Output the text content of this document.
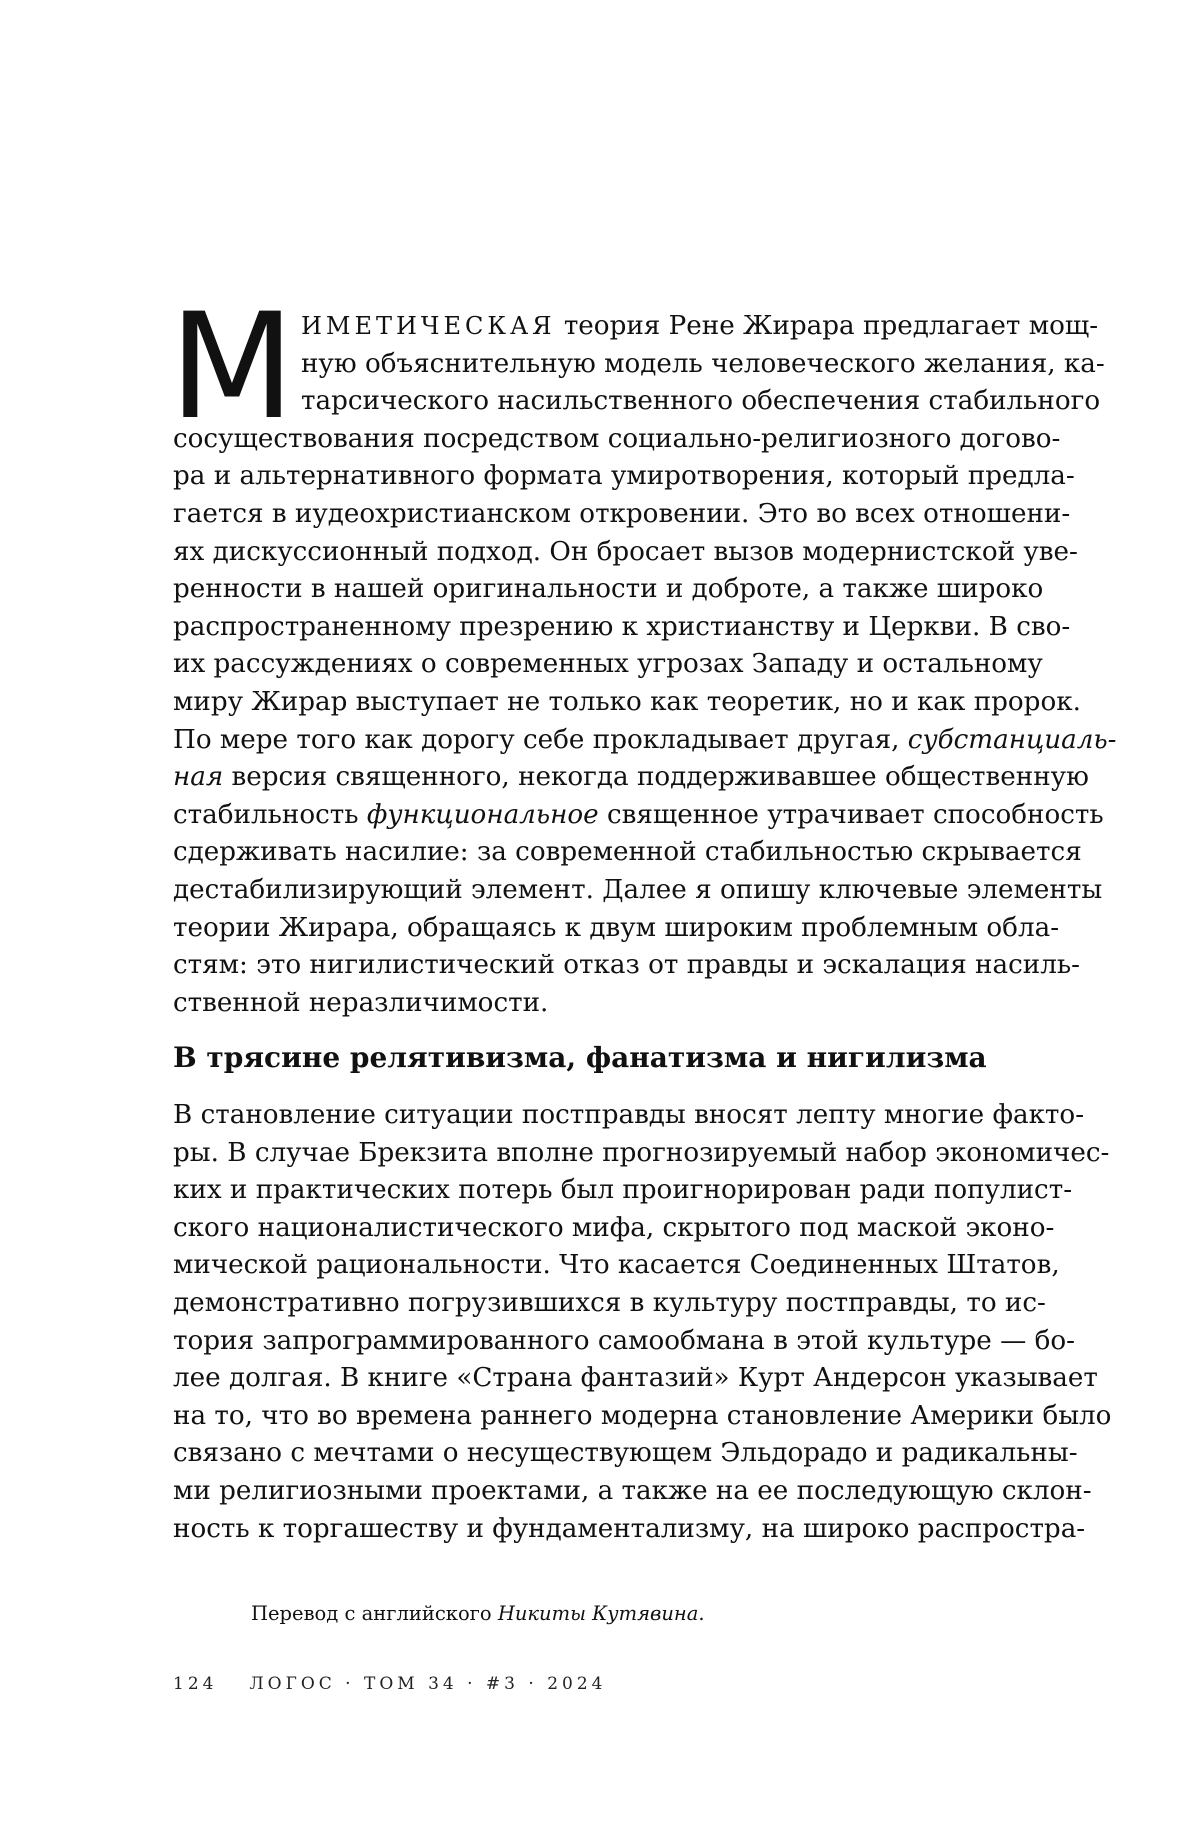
М ИМЕТИЧЕСКАЯ теория Рене Жирара предлагает мощ-
ную объяснительную модель человеческого желания, ка-
тарсического насильственного обеспечения стабильного
сосуществования посредством социально-религиозного догово-
ра и альтернативного формата умиротворения, который предла-
гается в иудеохристианском откровении. Это во всех отношени-
ях дискуссионный подход. Он бросает вызов модернистской уве-
ренности в нашей оригинальности и доброте, а также широко
распространенному презрению к христианству и Церкви. В сво-
их рассуждениях о современных угрозах Западу и остальному
миру Жирар выступает не только как теоретик, но и как пророк.
По мере того как дорогу себе прокладывает другая, субстанциаль-
ная версия священного, некогда поддерживавшее общественную
стабильность функциональное священное утрачивает способность
сдерживать насилие: за современной стабильностью скрывается
дестабилизирующий элемент. Далее я опишу ключевые элементы
теории Жирара, обращаясь к двум широким проблемным обла-
стям: это нигилистический отказ от правды и эскалация насиль-
ственной неразличимости.
В трясине релятивизма, фанатизма и нигилизма
В становление ситуации постправды вносят лепту многие факто-
ры. В случае Брекзита вполне прогнозируемый набор экономичес-
ких и практических потерь был проигнорирован ради популист-
ского националистического мифа, скрытого под маской эконо-
мической рациональности. Что касается Соединенных Штатов,
демонстративно погрузившихся в культуру постправды, то ис-
тория запрограммированного самообмана в этой культуре — бо-
лее долгая. В книге «Страна фантазий» Курт Андерсон указывает
на то, что во времена раннего модерна становление Америки было
связано с мечтами о несуществующем Эльдорадо и радикальны-
ми религиозными проектами, а также на ее последующую склон-
ность к торгашеству и фундаментализму, на широко распростра-
Перевод с английского Никиты Кутявина.
124 ЛОГОС · ТОМ 34 · #3 · 2024
